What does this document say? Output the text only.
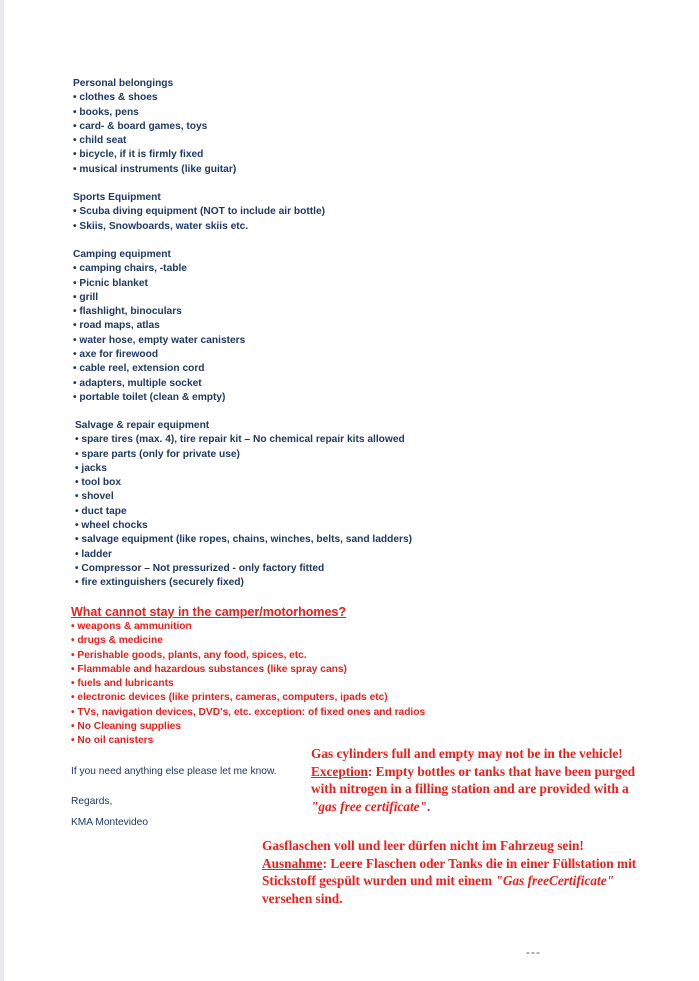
Personal belongings
• clothes & shoes
• books, pens
• card- & board games, toys
• child seat
• bicycle, if it is firmly fixed
• musical instruments (like guitar)
Sports Equipment
• Scuba diving equipment (NOT to include air bottle)
• Skiis, Snowboards, water skiis etc.
Camping equipment
• camping chairs, -table
• Picnic blanket
• grill
• flashlight, binoculars
• road maps, atlas
• water hose, empty water canisters
• axe for firewood
• cable reel, extension cord
• adapters, multiple socket
• portable toilet (clean & empty)
Salvage & repair equipment
• spare tires (max. 4), tire repair kit – No chemical repair kits allowed
• spare parts (only for private use)
• jacks
• tool box
• shovel
• duct tape
• wheel chocks
• salvage equipment (like ropes, chains, winches, belts, sand ladders)
• ladder
• Compressor – Not pressurized - only factory fitted
• fire extinguishers (securely fixed)
What cannot stay in the camper/motorhomes?
• weapons & ammunition
• drugs & medicine
• Perishable goods, plants, any food, spices, etc.
• Flammable and hazardous substances (like spray cans)
• fuels and lubricants
• electronic devices (like printers, cameras, computers, ipads etc)
• TVs, navigation devices, DVD's, etc. exception: of fixed ones and radios
• No Cleaning supplies
• No oil canisters
If you need anything else please let me know.
Regards,
KMA Montevideo
Gas cylinders full and empty may not be in the vehicle!
Exception: Empty bottles or tanks that have been purged
with nitrogen in a filling station and are provided with a
"gas free certificate".
Gasflaschen voll und leer dürfen nicht im Fahrzeug sein!
Ausnahme: Leere Flaschen oder Tanks die in einer Füllstation mit
Stickstoff gespült wurden und mit einem "Gas freeCertificate"
versehen sind.
---
